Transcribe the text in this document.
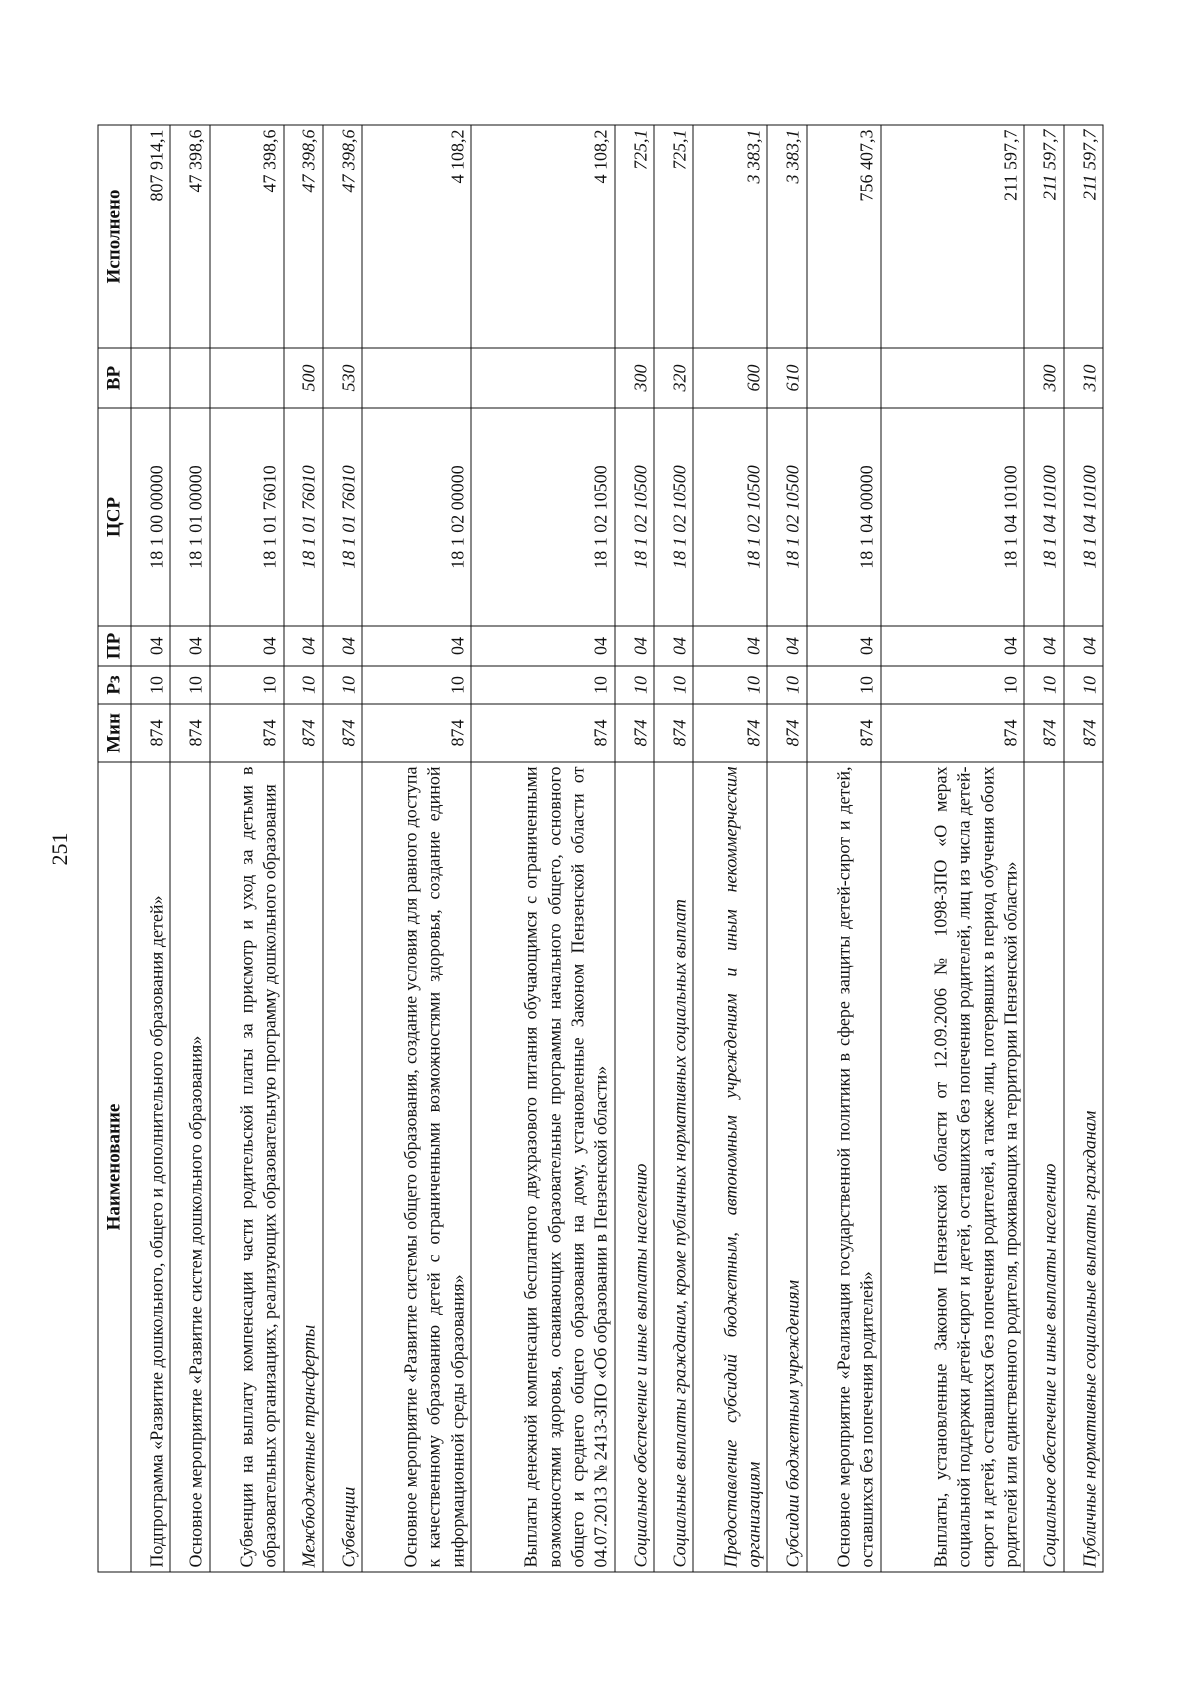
251
Наименование	Мин	Рз	ПР	ЦСР	ВР	Исполнено
Подпрограмма «Развитие дошкольного, общего и дополнительного образования детей»	874	10	04	18 1 00 00000		807 914,1
Основное мероприятие «Развитие систем дошкольного образования»	874	10	04	18 1 01 00000		47 398,6
Субвенции на выплату компенсации части родительской платы за присмотр и уход за детьми в образовательных организациях, реализующих образовательную программу дошкольного образования	874	10	04	18 1 01 76010		47 398,6
Межбюджетные трансферты	874	10	04	18 1 01 76010	500	47 398,6
Субвенции	874	10	04	18 1 01 76010	530	47 398,6
Основное мероприятие «Развитие системы общего образования, создание условия для равного доступа к качественному образованию детей с ограниченными возможностями здоровья, создание единой информационной среды образования»	874	10	04	18 1 02 00000		4 108,2
Выплаты денежной компенсации бесплатного двухразового питания обучающимся с ограниченными возможностями здоровья, осваивающих образовательные программы начального общего, основного общего и среднего общего образования на дому, установленные Законом Пензенской области от 04.07.2013 № 2413-ЗПО «Об образовании в Пензенской области»	874	10	04	18 1 02 10500		4 108,2
Социальное обеспечение и иные выплаты населению	874	10	04	18 1 02 10500	300	725,1
Социальные выплаты гражданам, кроме публичных нормативных социальных выплат	874	10	04	18 1 02 10500	320	725,1
Предоставление субсидий бюджетным, автономным учреждениям и иным некоммерческим организациям	874	10	04	18 1 02 10500	600	3 383,1
Субсидии бюджетным учреждениям	874	10	04	18 1 02 10500	610	3 383,1
Основное мероприятие «Реализация государственной политики в сфере защиты детей-сирот и детей, оставшихся без попечения родителей»	874	10	04	18 1 04 00000		756 407,3
Выплаты, установленные Законом Пензенской области от 12.09.2006 № 1098-ЗПО «О мерах социальной поддержки детей-сирот и детей, оставшихся без попечения родителей, лиц из числа детей-сирот и детей, оставшихся без попечения родителей, а также лиц, потерявших в период обучения обоих родителей или единственного родителя, проживающих на территории Пензенской области»	874	10	04	18 1 04 10100		211 597,7
Социальное обеспечение и иные выплаты населению	874	10	04	18 1 04 10100	300	211 597,7
Публичные нормативные социальные выплаты гражданам	874	10	04	18 1 04 10100	310	211 597,7
